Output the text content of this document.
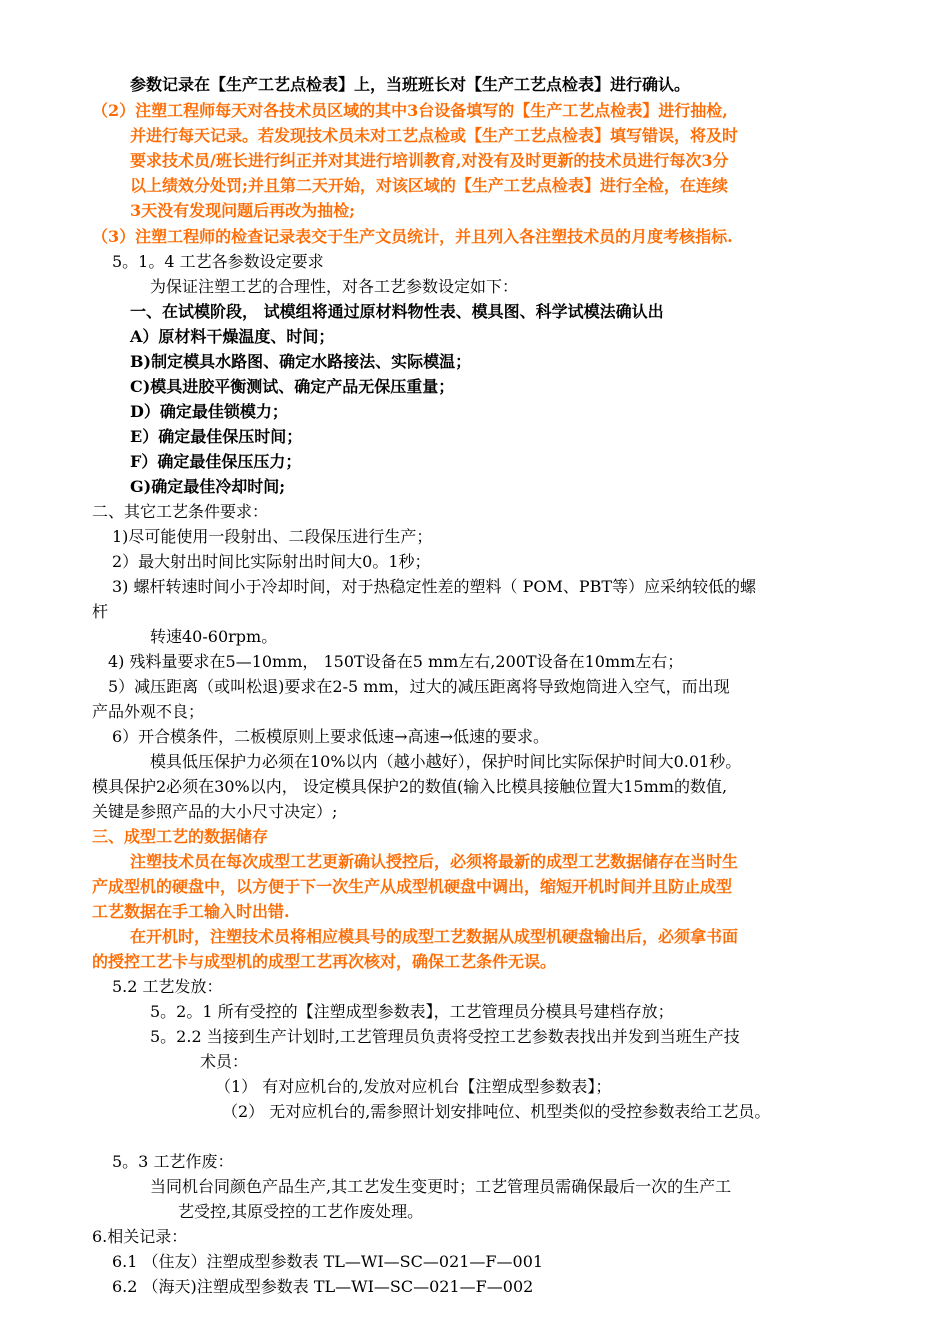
参数记录在【生产工艺点检表】上，当班班长对【生产工艺点检表】进行确认。
（2）注塑工程师每天对各技术员区域的其中3台设备填写的【生产工艺点检表】进行抽检,
并进行每天记录。若发现技术员未对工艺点检或【生产工艺点检表】填写错误，将及时
要求技术员/班长进行纠正并对其进行培训教育,对没有及时更新的技术员进行每次3分
以上绩效分处罚;并且第二天开始，对该区域的【生产工艺点检表】进行全检，在连续
3天没有发现问题后再改为抽检;
（3）注塑工程师的检查记录表交于生产文员统计，并且列入各注塑技术员的月度考核指标.
5。1。4 工艺各参数设定要求
为保证注塑工艺的合理性，对各工艺参数设定如下：
一、在试模阶段， 试模组将通过原材料物性表、模具图、科学试模法确认出
A）原材料干燥温度、时间；
B)制定模具水路图、确定水路接法、实际模温；
C)模具进胶平衡测试、确定产品无保压重量；
D）确定最佳锁模力；
E）确定最佳保压时间；
F）确定最佳保压压力；
G)确定最佳冷却时间;
二、其它工艺条件要求：
1)尽可能使用一段射出、二段保压进行生产；
2）最大射出时间比实际射出时间大0。1秒；
3) 螺杆转速时间小于冷却时间，对于热稳定性差的塑料（ POM、PBT等）应采纳较低的螺
杆
转速40-60rpm。
4) 残料量要求在5—10mm， 150T设备在5 mm左右,200T设备在10mm左右；
5）减压距离（或叫松退)要求在2-5 mm，过大的减压距离将导致炮筒进入空气，而出现
产品外观不良；
6）开合模条件，二板模原则上要求低速→高速→低速的要求。
模具低压保护力必须在10%以内（越小越好），保护时间比实际保护时间大0.01秒。
模具保护2必须在30%以内， 设定模具保护2的数值(输入比模具接触位置大15mm的数值,
关键是参照产品的大小尺寸决定）;
三、成型工艺的数据储存
注塑技术员在每次成型工艺更新确认授控后，必须将最新的成型工艺数据储存在当时生
产成型机的硬盘中，以方便于下一次生产从成型机硬盘中调出，缩短开机时间并且防止成型
工艺数据在手工输入时出错.
在开机时，注塑技术员将相应模具号的成型工艺数据从成型机硬盘输出后，必须拿书面
的授控工艺卡与成型机的成型工艺再次核对，确保工艺条件无误。
5.2 工艺发放：
5。2。1 所有受控的【注塑成型参数表】，工艺管理员分模具号建档存放；
5。2.2 当接到生产计划时,工艺管理员负责将受控工艺参数表找出并发到当班生产技
术员：
（1） 有对应机台的,发放对应机台【注塑成型参数表】；
（2） 无对应机台的,需参照计划安排吨位、机型类似的受控参数表给工艺员。
5。3 工艺作废：
当同机台同颜色产品生产,其工艺发生变更时；工艺管理员需确保最后一次的生产工
艺受控,其原受控的工艺作废处理。
6.相关记录：
6.1 （住友）注塑成型参数表 TL—WI—SC—021—F—001
6.2 （海天)注塑成型参数表 TL—WI—SC—021—F—002
